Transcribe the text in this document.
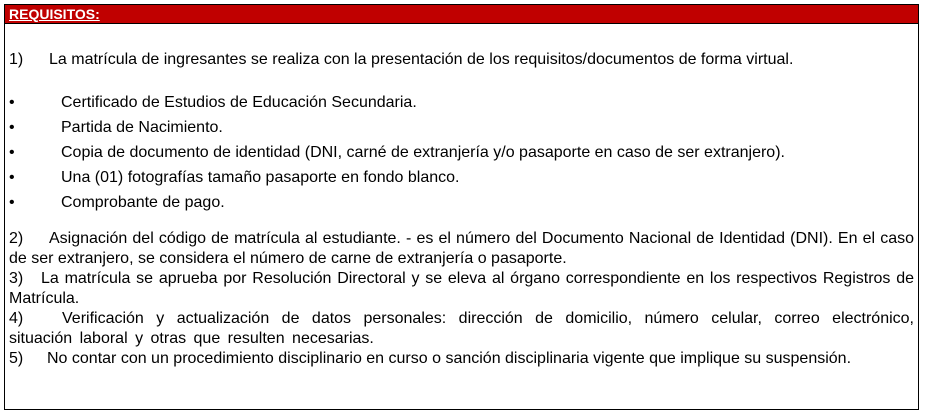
REQUISITOS:
1)	La matrícula de ingresantes se realiza con la presentación de los requisitos/documentos de forma virtual.
•	Certificado de Estudios de Educación Secundaria.
•	Partida de Nacimiento.
•	Copia de documento de identidad (DNI, carné de extranjería y/o pasaporte en caso de ser extranjero).
•	Una (01) fotografías tamaño pasaporte en fondo blanco.
•	Comprobante de pago.
2) Asignación del código de matrícula al estudiante. - es el número del Documento Nacional de Identidad (DNI). En el caso de ser extranjero, se considera el número de carne de extranjería o pasaporte.
3) La matrícula se aprueba por Resolución Directoral y se eleva al órgano correspondiente en los respectivos Registros de Matrícula.
4) Verificación y actualización de datos personales: dirección de domicilio, número celular, correo electrónico, situación laboral y otras que resulten necesarias.
5) No contar con un procedimiento disciplinario en curso o sanción disciplinaria vigente que implique su suspensión.
